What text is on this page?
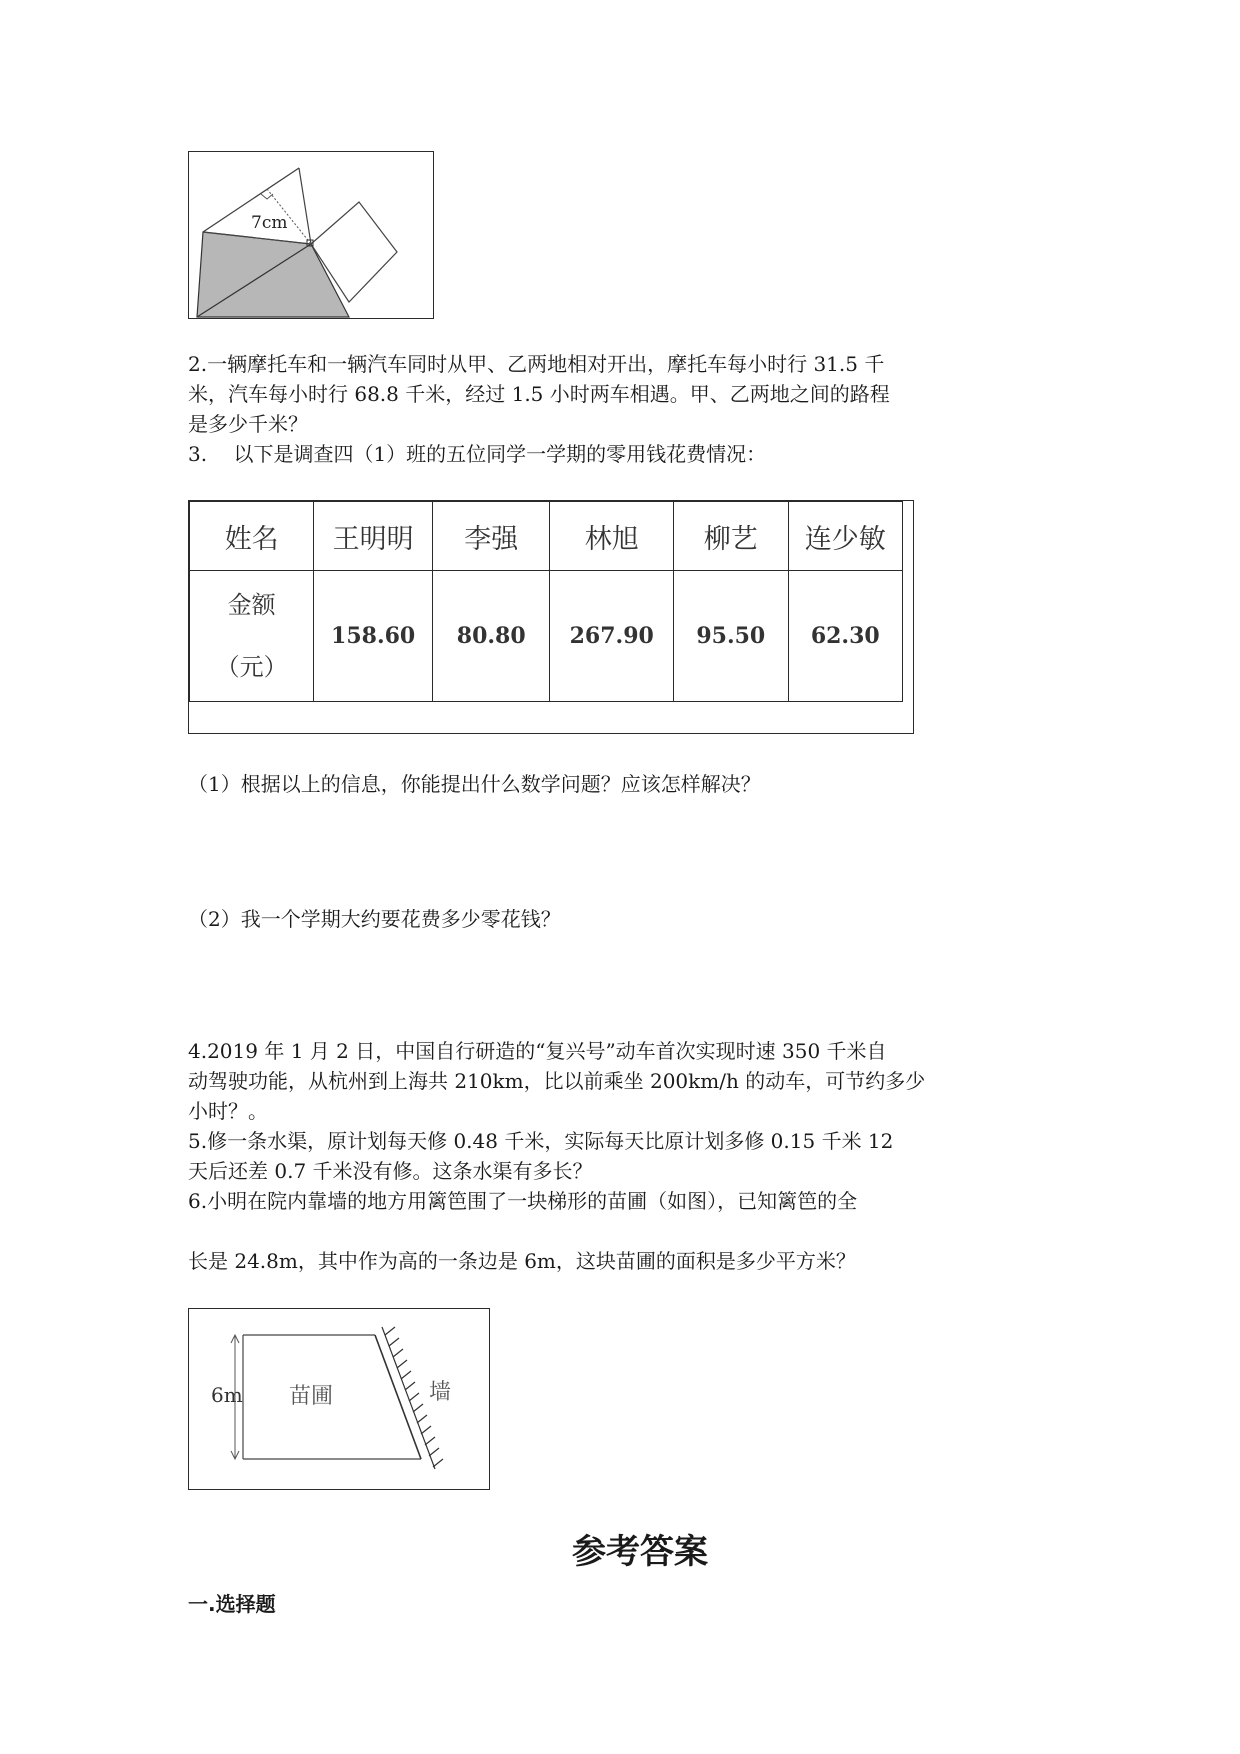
7cm

2.一辆摩托车和一辆汽车同时从甲、乙两地相对开出，摩托车每小时行 31.5 千

米，汽车每小时行 68.8 千米，经过 1.5 小时两车相遇。甲、乙两地之间的路程

是多少千米？

3.　 以下是调查四（1）班的五位同学一学期的零用钱花费情况：

姓名	王明明	李强	林旭	柳艺	连少敏

金额
（元）	158.60	80.80	267.90	95.50	62.30

（1）根据以上的信息，你能提出什么数学问题？应该怎样解决？

（2）我一个学期大约要花费多少零花钱？

4.2019 年 1 月 2 日，中国自行研造的“复兴号”动车首次实现时速 350 千米自

动驾驶功能，从杭州到上海共 210km，比以前乘坐 200km/h 的动车，可节约多少

小时？。

5.修一条水渠，原计划每天修 0.48 千米，实际每天比原计划多修 0.15 千米 12

天后还差 0.7 千米没有修。这条水渠有多长？

6.小明在院内靠墙的地方用篱笆围了一块梯形的苗圃（如图），已知篱笆的全

长是 24.8m，其中作为高的一条边是 6m，这块苗圃的面积是多少平方米？

6m 苗圃	墙
参考答案
一.选择题
